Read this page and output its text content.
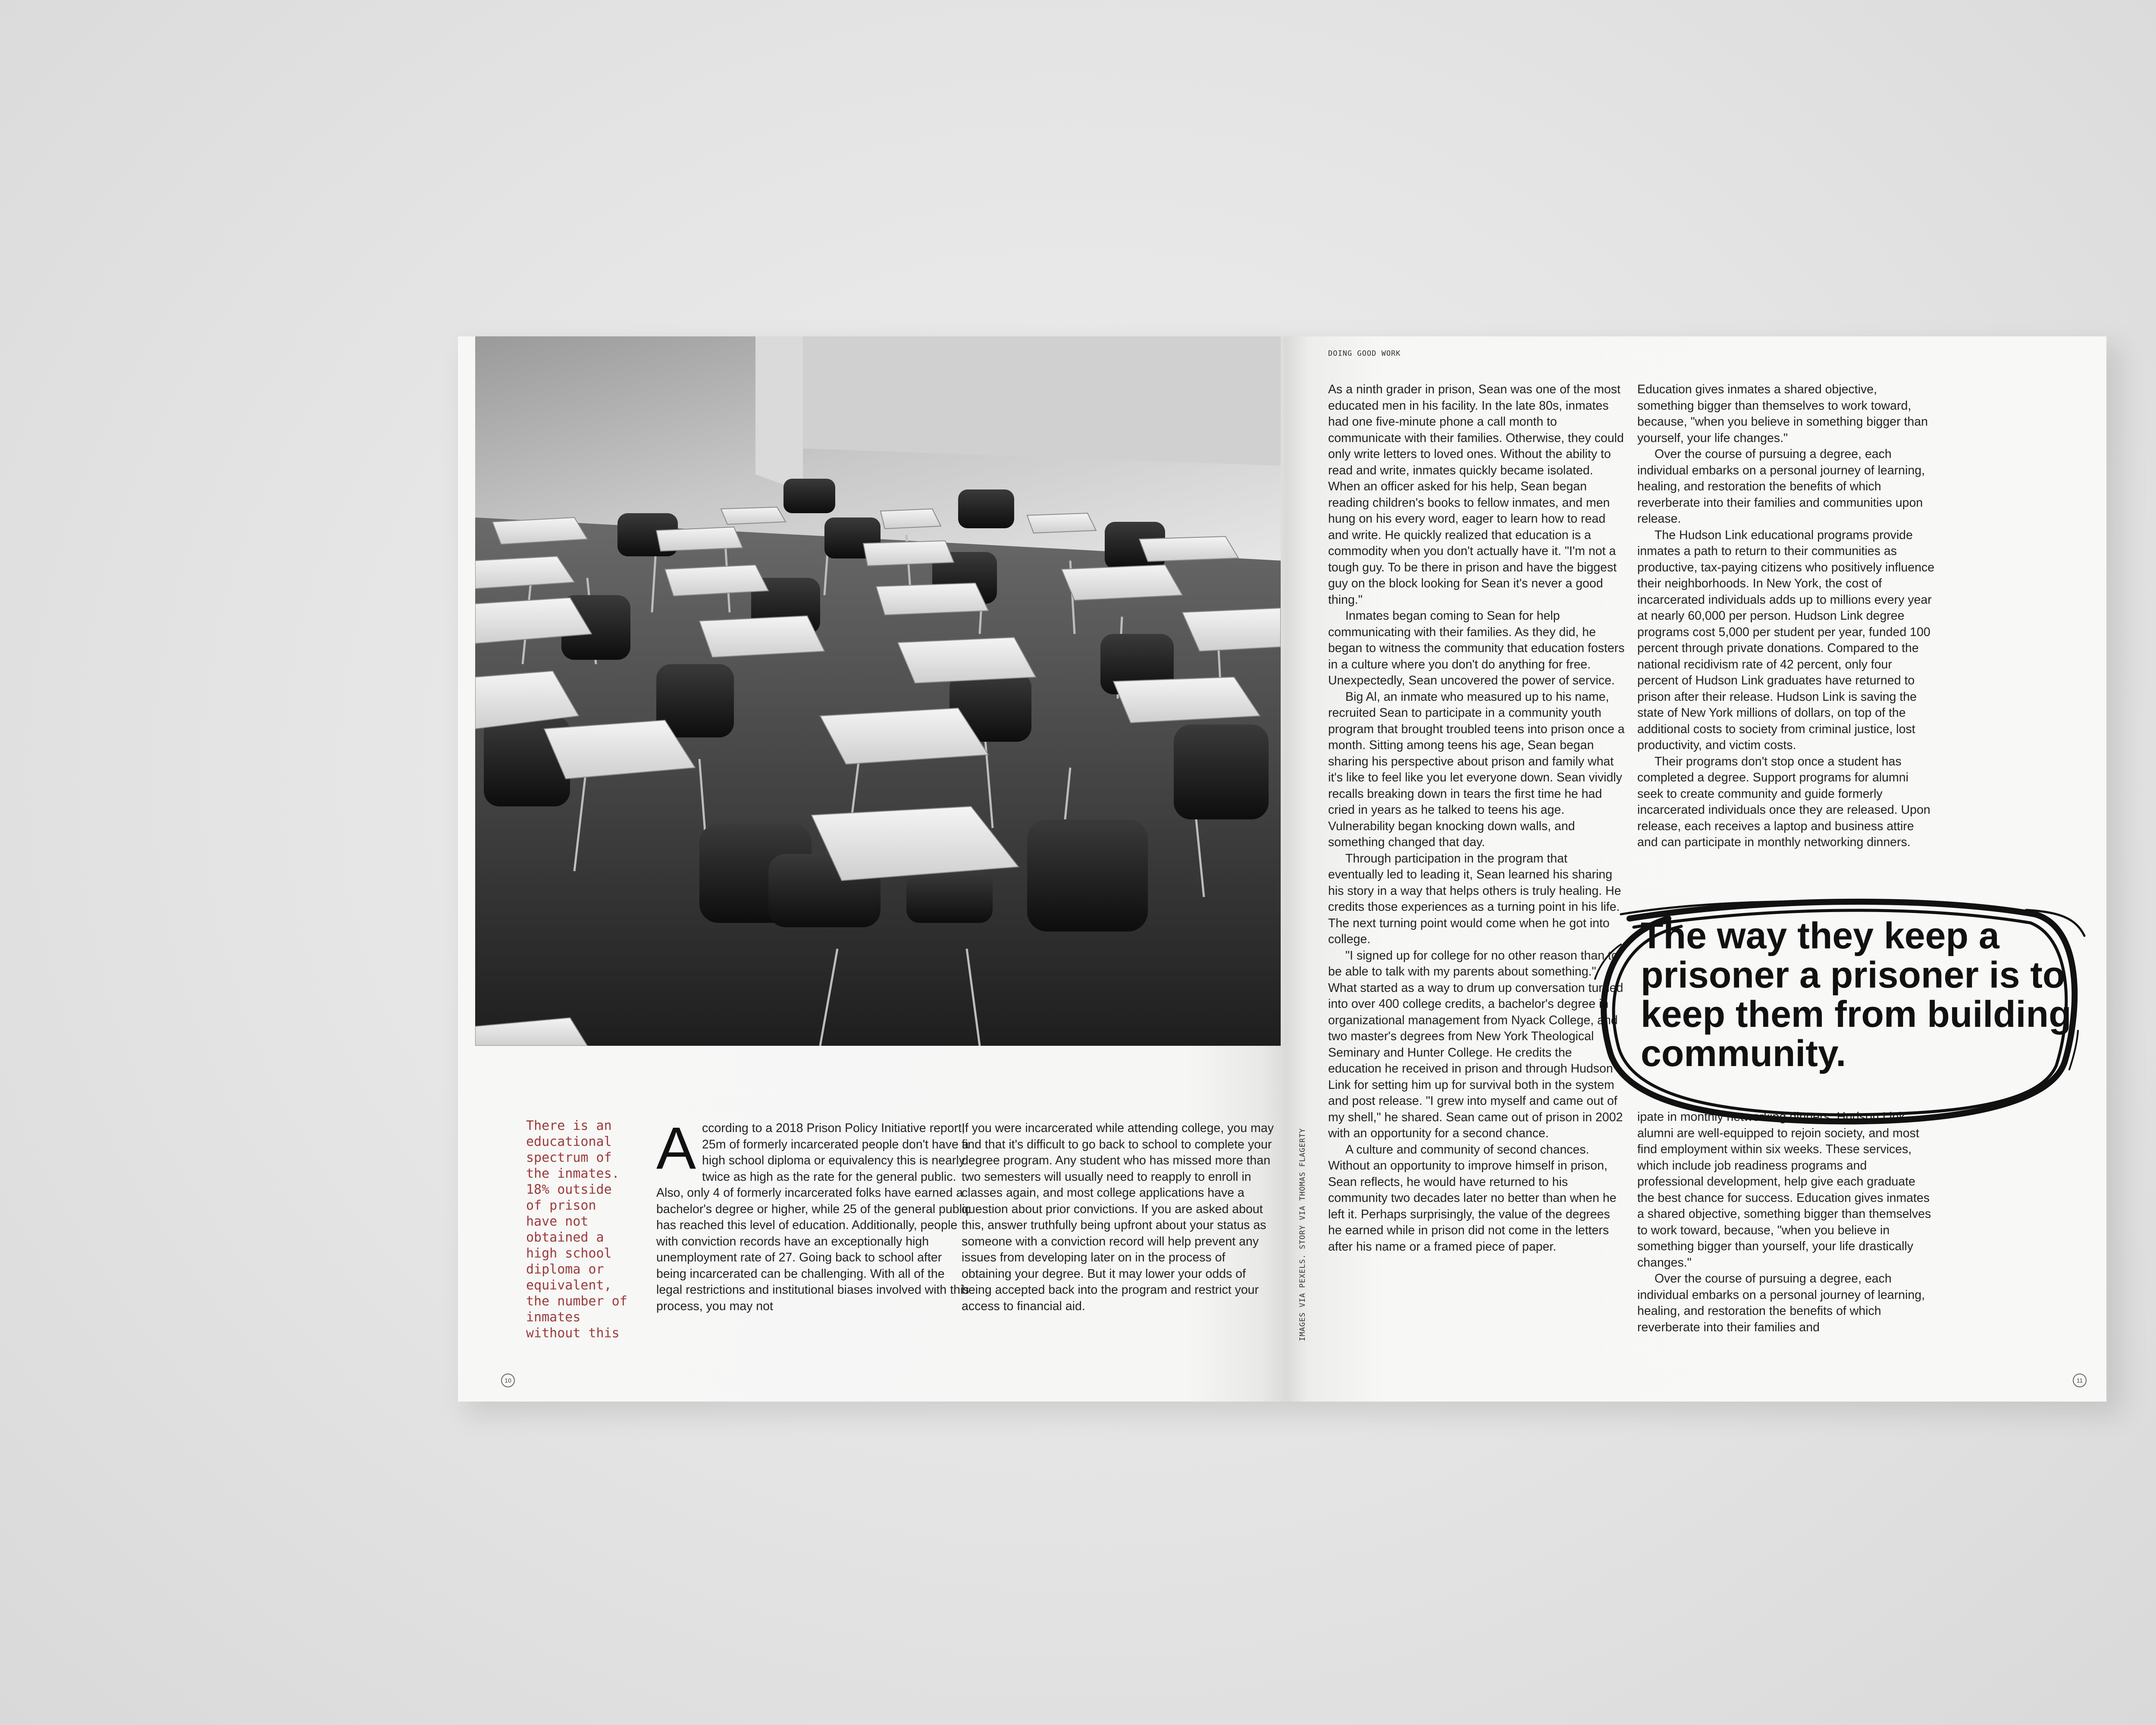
There is an educational spectrum of the inmates. 18% outside of prison have not obtained a high school diploma or equivalent, the number of inmates without this

According to a 2018 Prison Policy Initiative report, 25m of formerly incarcerated people don't have a high school diploma or equivalency this is nearly twice as high as the rate for the general public. Also, only 4 of formerly incarcerated folks have earned a bachelor's degree or higher, while 25 of the general public has reached this level of education. Additionally, people with conviction records have an exceptionally high unemployment rate of 27. Going back to school after being incarcerated can be challenging. With all of the legal restrictions and institutional biases involved with this process, you may not

If you were incarcerated while attending college, you may find that it's difficult to go back to school to complete your degree program. Any student who has missed more than two semesters will usually need to reapply to enroll in classes again, and most college applications have a question about prior convictions. If you are asked about this, answer truthfully being upfront about your status as someone with a conviction record will help prevent any issues from developing later on in the process of obtaining your degree. But it may lower your odds of being accepted back into the program and restrict your access to financial aid.

10

DOING GOOD WORK

IMAGES VIA PEXELS. STORY VIA THOMAS FLAGERTY

As a ninth grader in prison, Sean was one of the most educated men in his facility. In the late 80s, inmates had one five-minute phone a call month to communicate with their families. Otherwise, they could only write letters to loved ones. Without the ability to read and write, inmates quickly became isolated. When an officer asked for his help, Sean began reading children's books to fellow inmates, and men hung on his every word, eager to learn how to read and write. He quickly realized that education is a commodity when you don't actually have it. "I'm not a tough guy. To be there in prison and have the biggest guy on the block looking for Sean it's never a good thing."

Inmates began coming to Sean for help communicating with their families. As they did, he began to witness the community that education fosters in a culture where you don't do anything for free. Unexpectedly, Sean uncovered the power of service.

Big Al, an inmate who measured up to his name, recruited Sean to participate in a community youth program that brought troubled teens into prison once a month. Sitting among teens his age, Sean began sharing his perspective about prison and family what it's like to feel like you let everyone down. Sean vividly recalls breaking down in tears the first time he had cried in years as he talked to teens his age. Vulnerability began knocking down walls, and something changed that day.

Through participation in the program that eventually led to leading it, Sean learned his sharing his story in a way that helps others is truly healing. He credits those experiences as a turning point in his life. The next turning point would come when he got into college.

"I signed up for college for no other reason than to be able to talk with my parents about something." What started as a way to drum up conversation turned into over 400 college credits, a bachelor's degree in organizational management from Nyack College, and two master's degrees from New York Theological Seminary and Hunter College. He credits the education he received in prison and through Hudson Link for setting him up for survival both in the system and post release. "I grew into myself and came out of my shell," he shared. Sean came out of prison in 2002 with an opportunity for a second chance.

A culture and community of second chances. Without an opportunity to improve himself in prison, Sean reflects, he would have returned to his community two decades later no better than when he left it. Perhaps surprisingly, the value of the degrees he earned while in prison did not come in the letters after his name or a framed piece of paper.

Education gives inmates a shared objective, something bigger than themselves to work toward, because, "when you believe in something bigger than yourself, your life changes."

Over the course of pursuing a degree, each individual embarks on a personal journey of learning, healing, and restoration the benefits of which reverberate into their families and communities upon release.

The Hudson Link educational programs provide inmates a path to return to their communities as productive, tax-paying citizens who positively influence their neighborhoods. In New York, the cost of incarcerated individuals adds up to millions every year at nearly 60,000 per person. Hudson Link degree programs cost 5,000 per student per year, funded 100 percent through private donations. Compared to the national recidivism rate of 42 percent, only four percent of Hudson Link graduates have returned to prison after their release. Hudson Link is saving the state of New York millions of dollars, on top of the additional costs to society from criminal justice, lost productivity, and victim costs.

Their programs don't stop once a student has completed a degree. Support programs for alumni seek to create community and guide formerly incarcerated individuals once they are released. Upon release, each receives a laptop and business attire and can participate in monthly networking dinners.

ipate in monthly networking dinners. Hudson Link alumni are well-equipped to rejoin society, and most find employment within six weeks. These services, which include job readiness programs and professional development, help give each graduate the best chance for success. Education gives inmates a shared objective, something bigger than themselves to work toward, because, "when you believe in something bigger than yourself, your life drastically changes."

Over the course of pursuing a degree, each individual embarks on a personal journey of learning, healing, and restoration the benefits of which reverberate into their families and

The way they keep a prisoner a prisoner is to keep them from building community.

11
